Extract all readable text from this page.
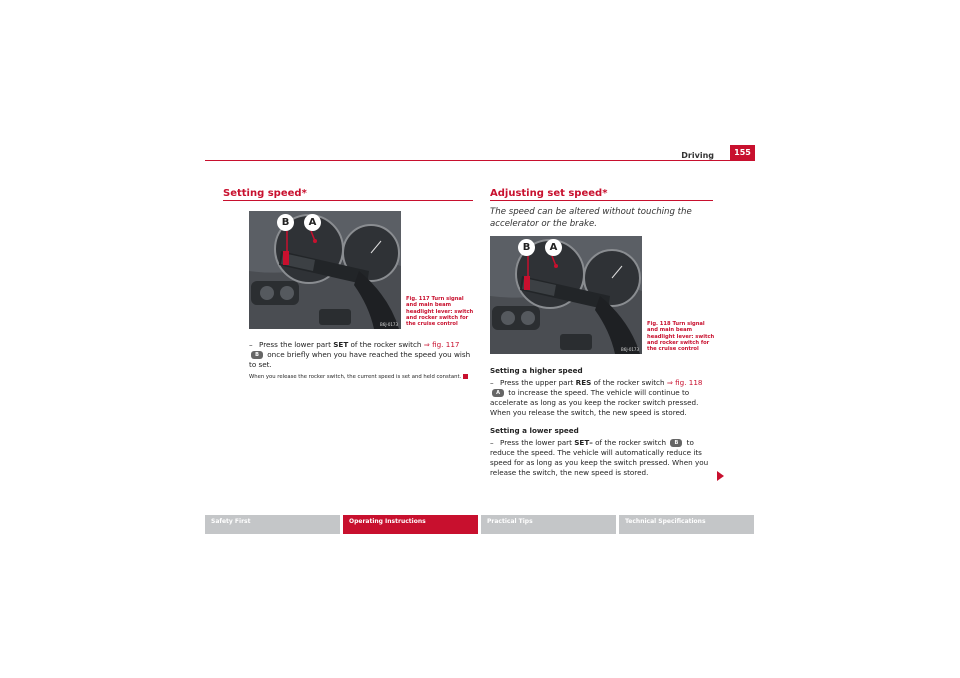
Driving	155
Setting speed*
B	A
B6J-0173
Fig. 117 Turn signal and main beam headlight lever: switch and rocker switch for the cruise control
– Press the lower part SET of the rocker switch ⇒ fig. 117B once briefly when you have reached the speed you wish to set.
When you release the rocker switch, the current speed is set and held constant.
Adjusting set speed*
The speed can be altered without touching the accelerator or the brake.
B	A
B6J-0173
Fig. 118 Turn signal and main beam headlight lever: switch and rocker switch for the cruise control
Setting a higher speed
– Press the upper part RES of the rocker switch ⇒ fig. 118A to increase the speed. The vehicle will continue to accelerate as long as you keep the rocker switch pressed. When you release the switch, the new speed is stored.
Setting a lower speed
– Press the lower part SET– of the rocker switch B to reduce the speed. The vehicle will automatically reduce its speed for as long as you keep the switch pressed. When you release the switch, the new speed is stored.
Safety First	Operating Instructions	Practical Tips	Technical Specifications
